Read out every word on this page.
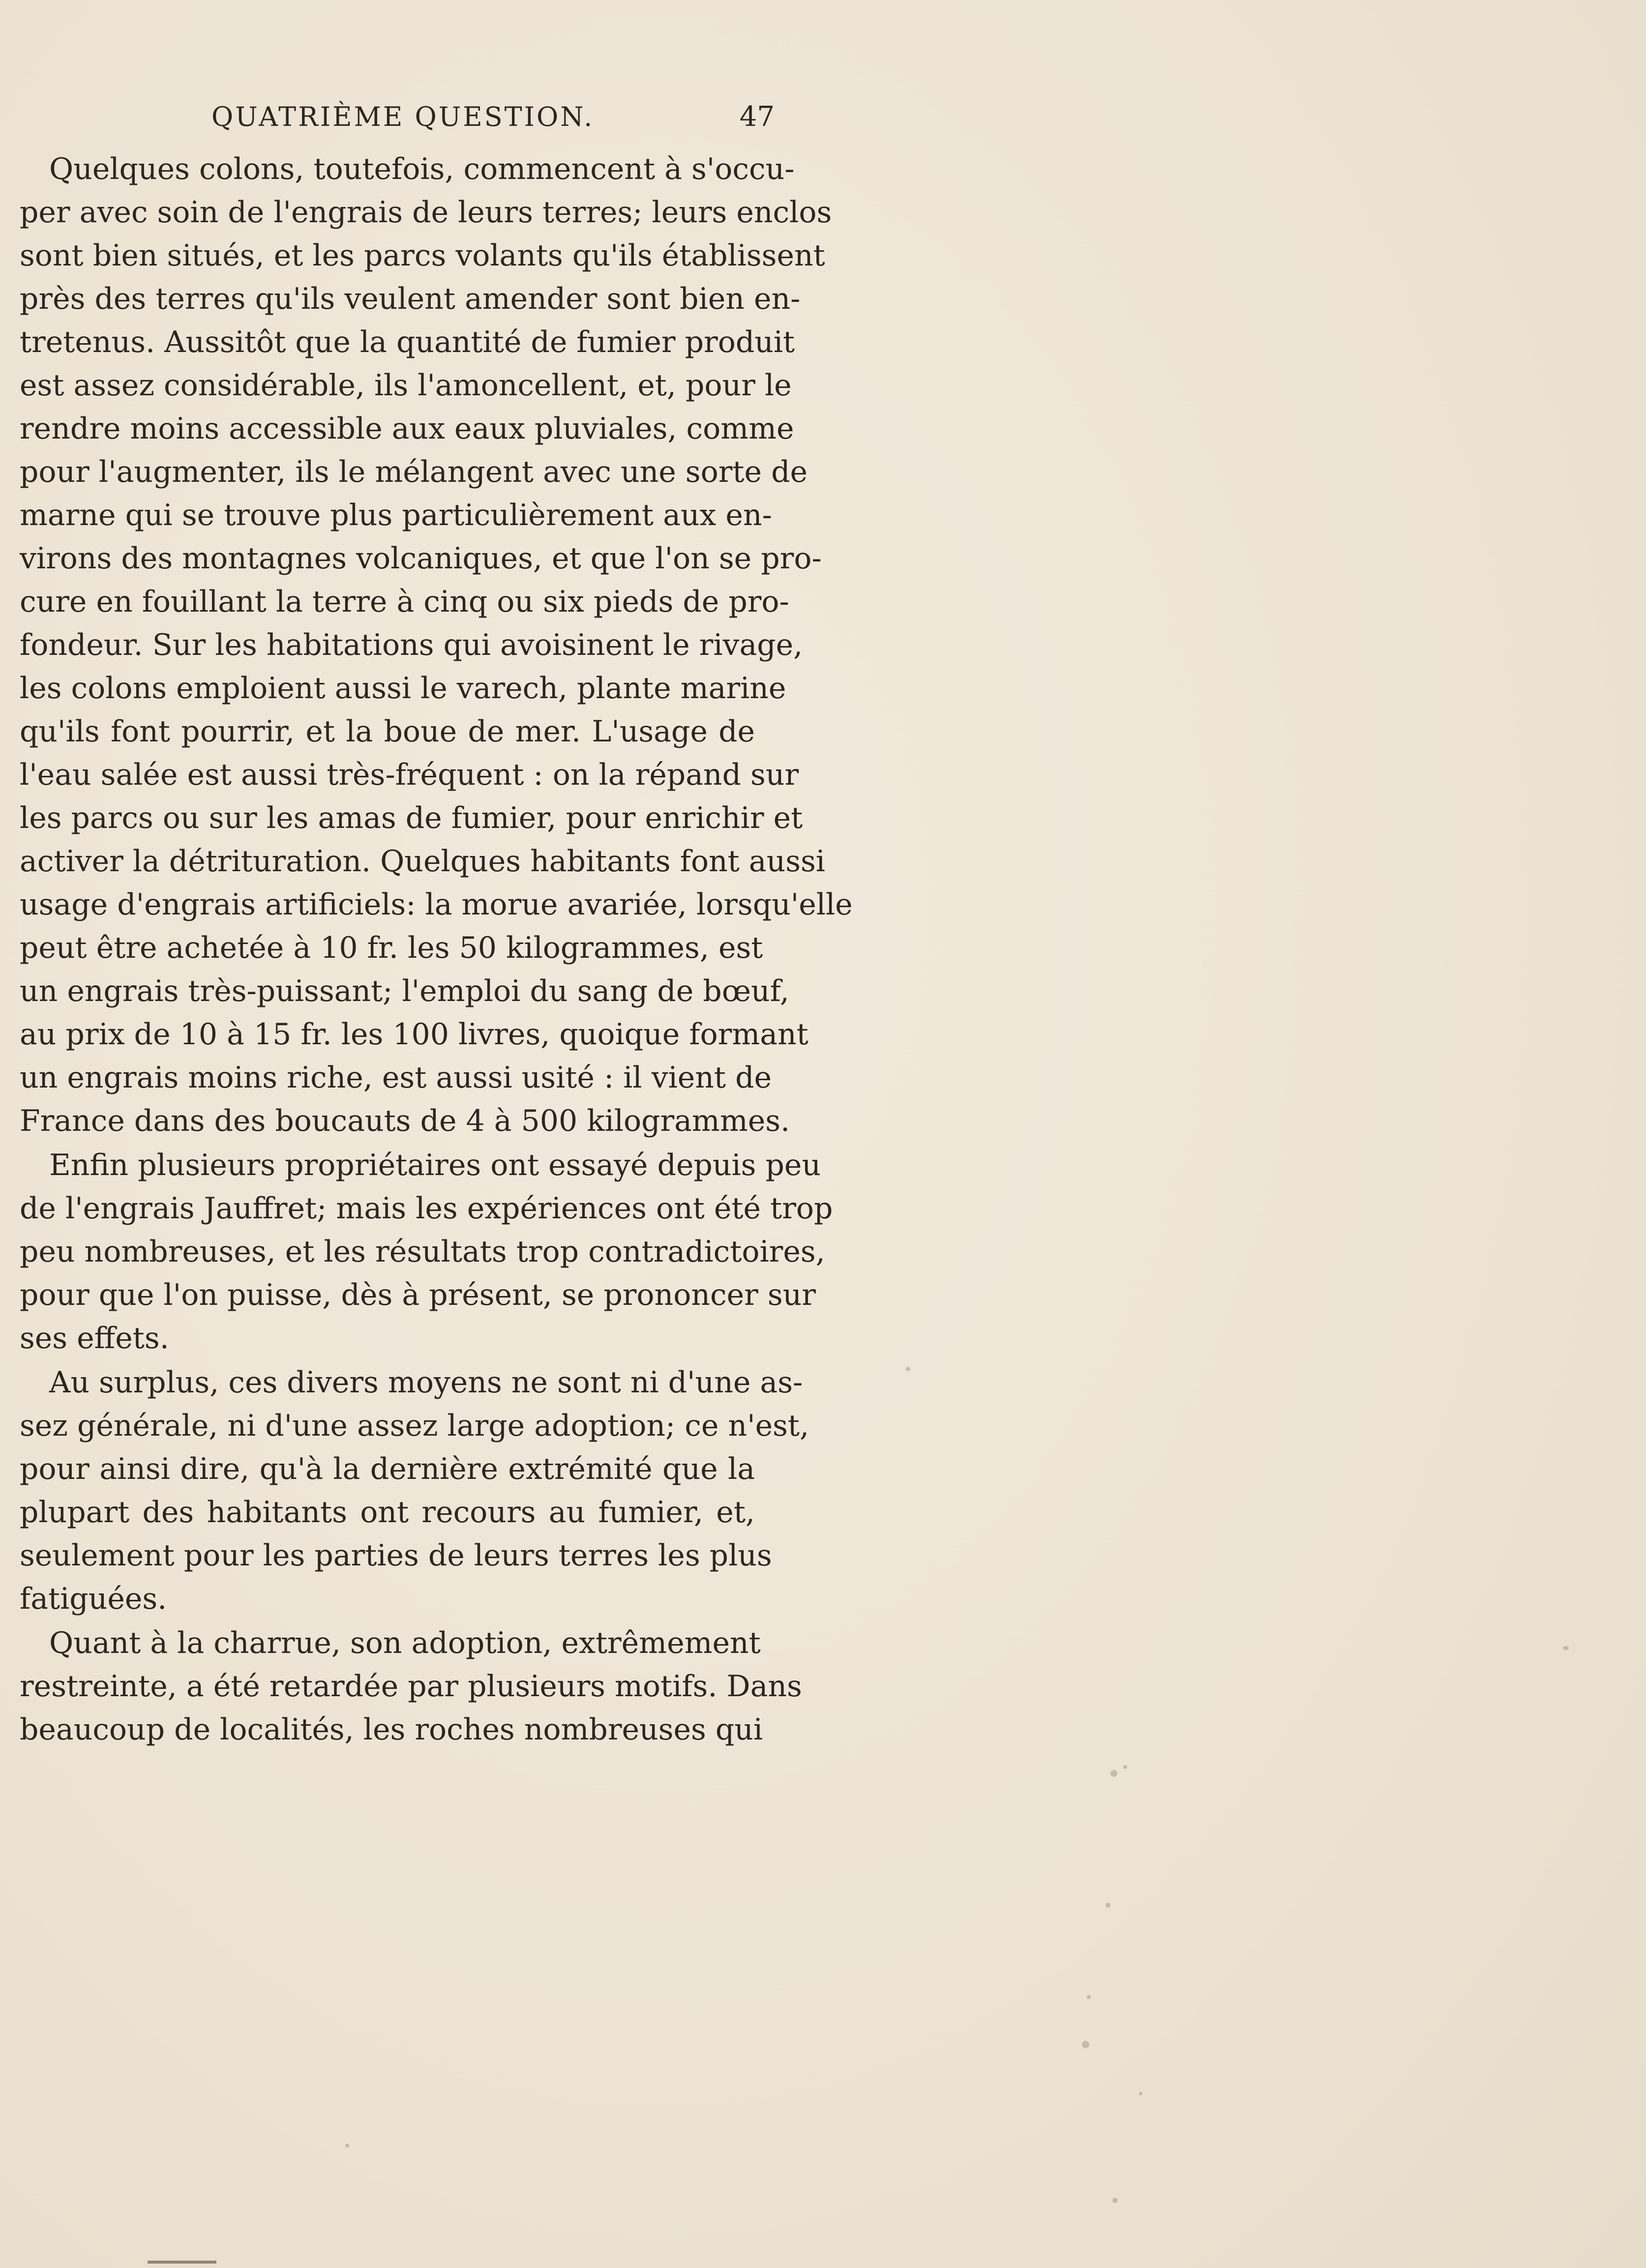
QUATRIÈME QUESTION.	47
Quelques colons, toutefois, commencent à s'occu-
per avec soin de l'engrais de leurs terres; leurs enclos
sont bien situés, et les parcs volants qu'ils établissent
près des terres qu'ils veulent amender sont bien en-
tretenus. Aussitôt que la quantité de fumier produit
est assez considérable, ils l'amoncellent, et, pour le
rendre moins accessible aux eaux pluviales, comme
pour l'augmenter, ils le mélangent avec une sorte de
marne qui se trouve plus particulièrement aux en-
virons des montagnes volcaniques, et que l'on se pro-
cure en fouillant la terre à cinq ou six pieds de pro-
fondeur. Sur les habitations qui avoisinent le rivage,
les colons emploient aussi le varech, plante marine
qu'ils font pourrir, et la boue de mer. L'usage de
l'eau salée est aussi très-fréquent : on la répand sur
les parcs ou sur les amas de fumier, pour enrichir et
activer la détrituration. Quelques habitants font aussi
usage d'engrais artificiels: la morue avariée, lorsqu'elle
peut être achetée à 10 fr. les 50 kilogrammes, est
un engrais très-puissant; l'emploi du sang de bœuf,
au prix de 10 à 15 fr. les 100 livres, quoique formant
un engrais moins riche, est aussi usité : il vient de
France dans des boucauts de 4 à 500 kilogrammes.
Enfin plusieurs propriétaires ont essayé depuis peu
de l'engrais Jauffret; mais les expériences ont été trop
peu nombreuses, et les résultats trop contradictoires,
pour que l'on puisse, dès à présent, se prononcer sur
ses effets.
Au surplus, ces divers moyens ne sont ni d'une as-
sez générale, ni d'une assez large adoption; ce n'est,
pour ainsi dire, qu'à la dernière extrémité que la
plupart des habitants ont recours au fumier, et,
seulement pour les parties de leurs terres les plus
fatiguées.
Quant à la charrue, son adoption, extrêmement
restreinte, a été retardée par plusieurs motifs. Dans
beaucoup de localités, les roches nombreuses qui
